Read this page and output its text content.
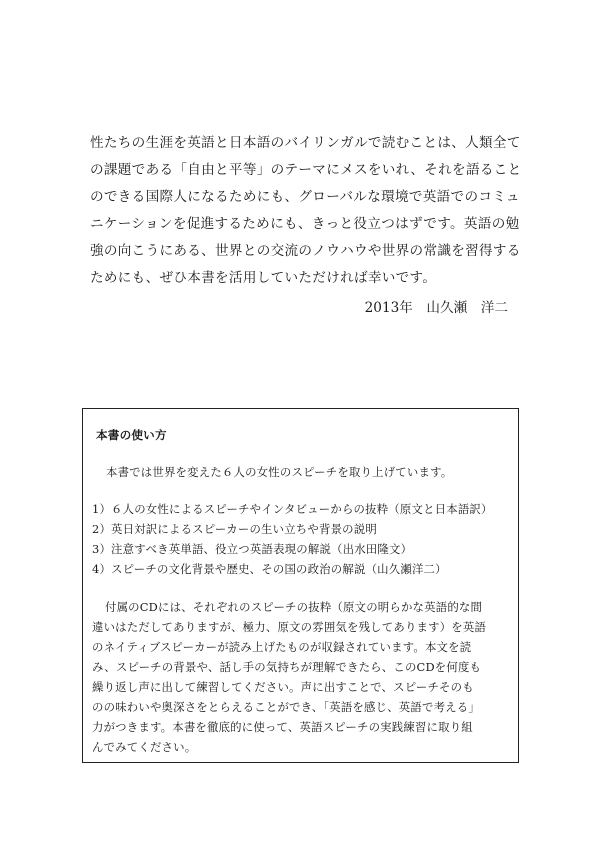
性たちの生涯を英語と日本語のバイリンガルで読むことは、人類全て

の課題である「自由と平等」のテーマにメスをいれ、それを語ること

のできる国際人になるためにも、グローバルな環境で英語でのコミュ

ニケーションを促進するためにも、きっと役立つはずです。英語の勉

強の向こうにある、世界との交流のノウハウや世界の常識を習得する

ためにも、ぜひ本書を活用していただければ幸いです。

2013年　山久瀬　洋二

本書の使い方

本書では世界を変えた６人の女性のスピーチを取り上げています。

1）６人の女性によるスピーチやインタビューからの抜粋（原文と日本語訳）

2）英日対訳によるスピーカーの生い立ちや背景の説明

3）注意すべき英単語、役立つ英語表現の解説（出水田隆文）

4）スピーチの文化背景や歴史、その国の政治の解説（山久瀬洋二）

付属のCDには、それぞれのスピーチの抜粋（原文の明らかな英語的な間

違いはただしてありますが、極力、原文の雰囲気を残してあります）を英語

のネイティブスピーカーが読み上げたものが収録されています。本文を読

み、スピーチの背景や、話し手の気持ちが理解できたら、このCDを何度も

繰り返し声に出して練習してください。声に出すことで、スピーチそのも

のの味わいや奥深さをとらえることができ、「英語を感じ、英語で考える」

力がつきます。本書を徹底的に使って、英語スピーチの実践練習に取り組

んでみてください。
